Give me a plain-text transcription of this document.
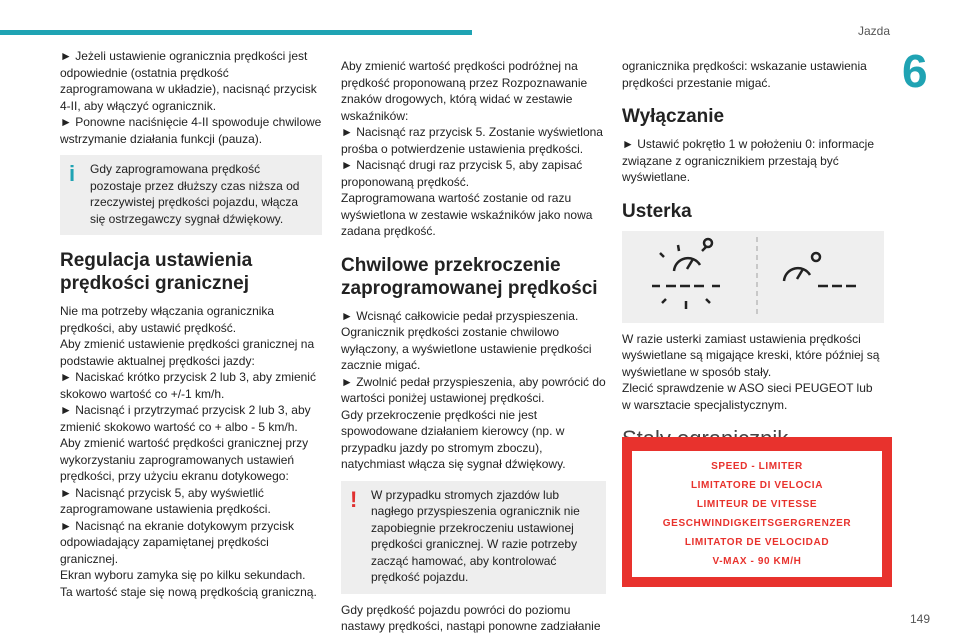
Jazda
6

► Jeżeli ustawienie ogranicznia prędkości jest odpowiednie (ostatnia prędkość zaprogramowana w układzie), nacisnąć przycisk 4-II, aby włączyć ogranicznik.

► Ponowne naciśnięcie 4-II spowoduje chwilowe wstrzymanie działania funkcji (pauza).

i Gdy zaprogramowana prędkość pozostaje przez dłuższy czas niższa od rzeczywistej prędkości pojazdu, włącza się ostrzegawczy sygnał dźwiękowy.

Regulacja ustawienia prędkości granicznej

Nie ma potrzeby włączania ogranicznika prędkości, aby ustawić prędkość.

Aby zmienić ustawienie prędkości granicznej na podstawie aktualnej prędkości jazdy:

► Naciskać krótko przycisk 2 lub 3, aby zmienić skokowo wartość co +/-1 km/h.

► Nacisnąć i przytrzymać przycisk 2 lub 3, aby zmienić skokowo wartość co + albo - 5 km/h.

Aby zmienić wartość prędkości granicznej przy wykorzystaniu zaprogramowanych ustawień prędkości, przy użyciu ekranu dotykowego:

► Nacisnąć przycisk 5, aby wyświetlić zaprogramowane ustawienia prędkości.

► Nacisnąć na ekranie dotykowym przycisk odpowiadający zapamiętanej prędkości granicznej.

Ekran wyboru zamyka się po kilku sekundach.

Ta wartość staje się nową prędkością graniczną.

Aby zmienić wartość prędkości podróżnej na prędkość proponowaną przez Rozpoznawanie znaków drogowych, którą widać w zestawie wskaźników:

► Nacisnąć raz przycisk 5. Zostanie wyświetlona prośba o potwierdzenie ustawienia prędkości.

► Nacisnąć drugi raz przycisk 5, aby zapisać proponowaną prędkość.

Zaprogramowana wartość zostanie od razu wyświetlona w zestawie wskaźników jako nowa zadana prędkość.

Chwilowe przekroczenie zaprogramowanej prędkości

► Wcisnąć całkowicie pedał przyspieszenia. Ogranicznik prędkości zostanie chwilowo wyłączony, a wyświetlone ustawienie prędkości zacznie migać.

► Zwolnić pedał przyspieszenia, aby powrócić do wartości poniżej ustawionej prędkości.

Gdy przekroczenie prędkości nie jest spowodowane działaniem kierowcy (np. w przypadku jazdy po stromym zboczu), natychmiast włącza się sygnał dźwiękowy.

! W przypadku stromych zjazdów lub nagłego przyspieszenia ogranicznik nie zapobiegnie przekroczeniu ustawionej prędkości granicznej. W razie potrzeby zacząć hamować, aby kontrolować prędkość pojazdu.

Gdy prędkość pojazdu powróci do poziomu nastawy prędkości, nastąpi ponowne zadziałanie

ogranicznika prędkości: wskazanie ustawienia prędkości przestanie migać.

Wyłączanie

► Ustawić pokrętło 1 w położeniu 0: informacje związane z ogranicznikiem przestają być wyświetlane.

Usterka

W razie usterki zamiast ustawienia prędkości wyświetlane są migające kreski, które później są wyświetlane w sposób stały.

Zlecić sprawdzenie w ASO sieci PEUGEOT lub w warsztacie specjalistycznym.

SPEED - LIMITER
LIMITATORE DI VELOCIA
LIMITEUR DE VITESSE
GESCHWINDIGKEITSGERGRENZER
LIMITATOR DE VELOCIDAD
V-MAX - 90 KM/H
149
